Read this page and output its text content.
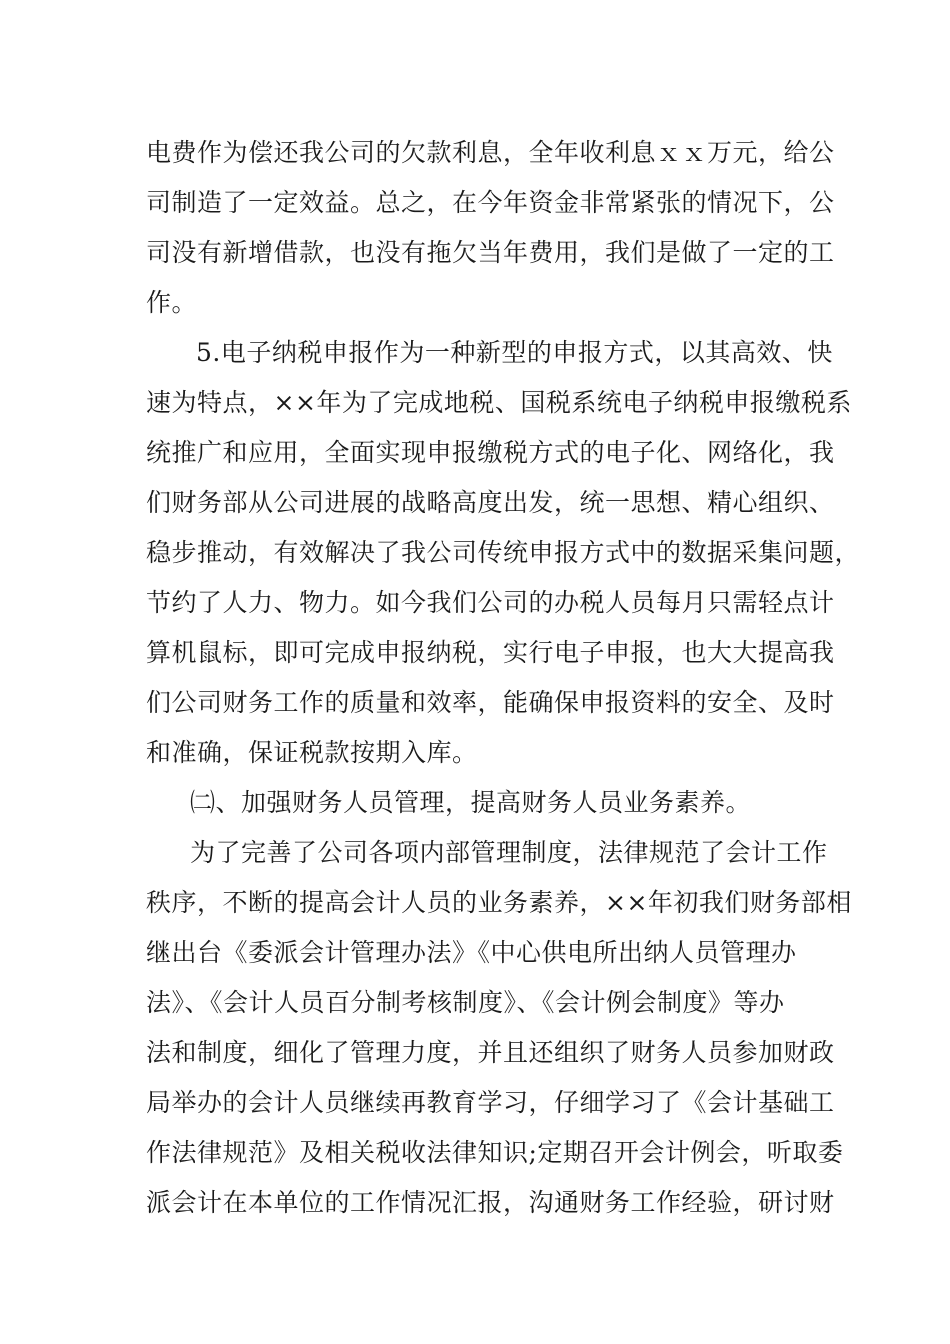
电费作为偿还我公司的欠款利息，全年收利息ｘｘ万元，给公
司制造了一定效益。总之，在今年资金非常紧张的情况下，公
司没有新增借款，也没有拖欠当年费用，我们是做了一定的工
作。
5.电子纳税申报作为一种新型的申报方式，以其高效、快
速为特点，××年为了完成地税、国税系统电子纳税申报缴税系
统推广和应用，全面实现申报缴税方式的电子化、网络化，我
们财务部从公司进展的战略高度出发，统一思想、精心组织、
稳步推动，有效解决了我公司传统申报方式中的数据采集问题，
节约了人力、物力。如今我们公司的办税人员每月只需轻点计
算机鼠标，即可完成申报纳税，实行电子申报，也大大提高我
们公司财务工作的质量和效率，能确保申报资料的安全、及时
和准确，保证税款按期入库。
㈡、加强财务人员管理，提高财务人员业务素养。
为了完善了公司各项内部管理制度，法律规范了会计工作
秩序，不断的提高会计人员的业务素养，××年初我们财务部相
继出台《委派会计管理办法》《中心供电所出纳人员管理办
法》、《会计人员百分制考核制度》、《会计例会制度》等办
法和制度，细化了管理力度，并且还组织了财务人员参加财政
局举办的会计人员继续再教育学习，仔细学习了《会计基础工
作法律规范》及相关税收法律知识;定期召开会计例会，听取委
派会计在本单位的工作情况汇报，沟通财务工作经验，研讨财
